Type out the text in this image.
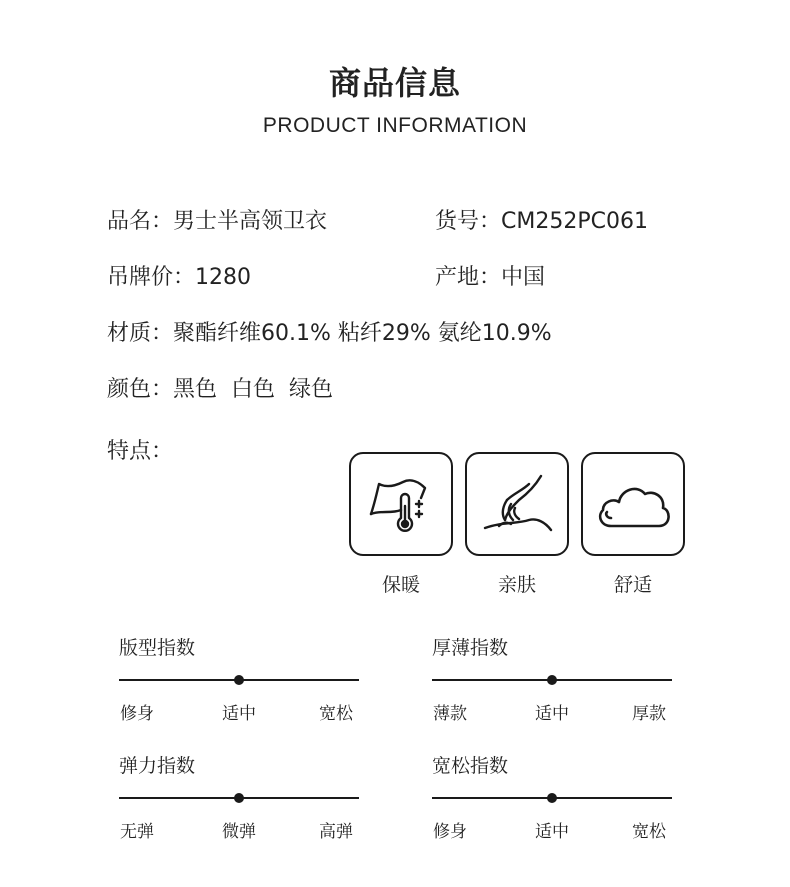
商品信息
PRODUCT INFORMATION
品名：男士半高领卫衣	货号：CM252PC061
吊牌价：1280	产地：中国
材质：聚酯纤维60.1% 粘纤29% 氨纶10.9%
颜色：黑色  白色  绿色
特点：
保暖	亲肤	舒适
版型指数
修身	适中	宽松
厚薄指数
薄款	适中	厚款
弹力指数
无弹	微弹	高弹
宽松指数
修身	适中	宽松
